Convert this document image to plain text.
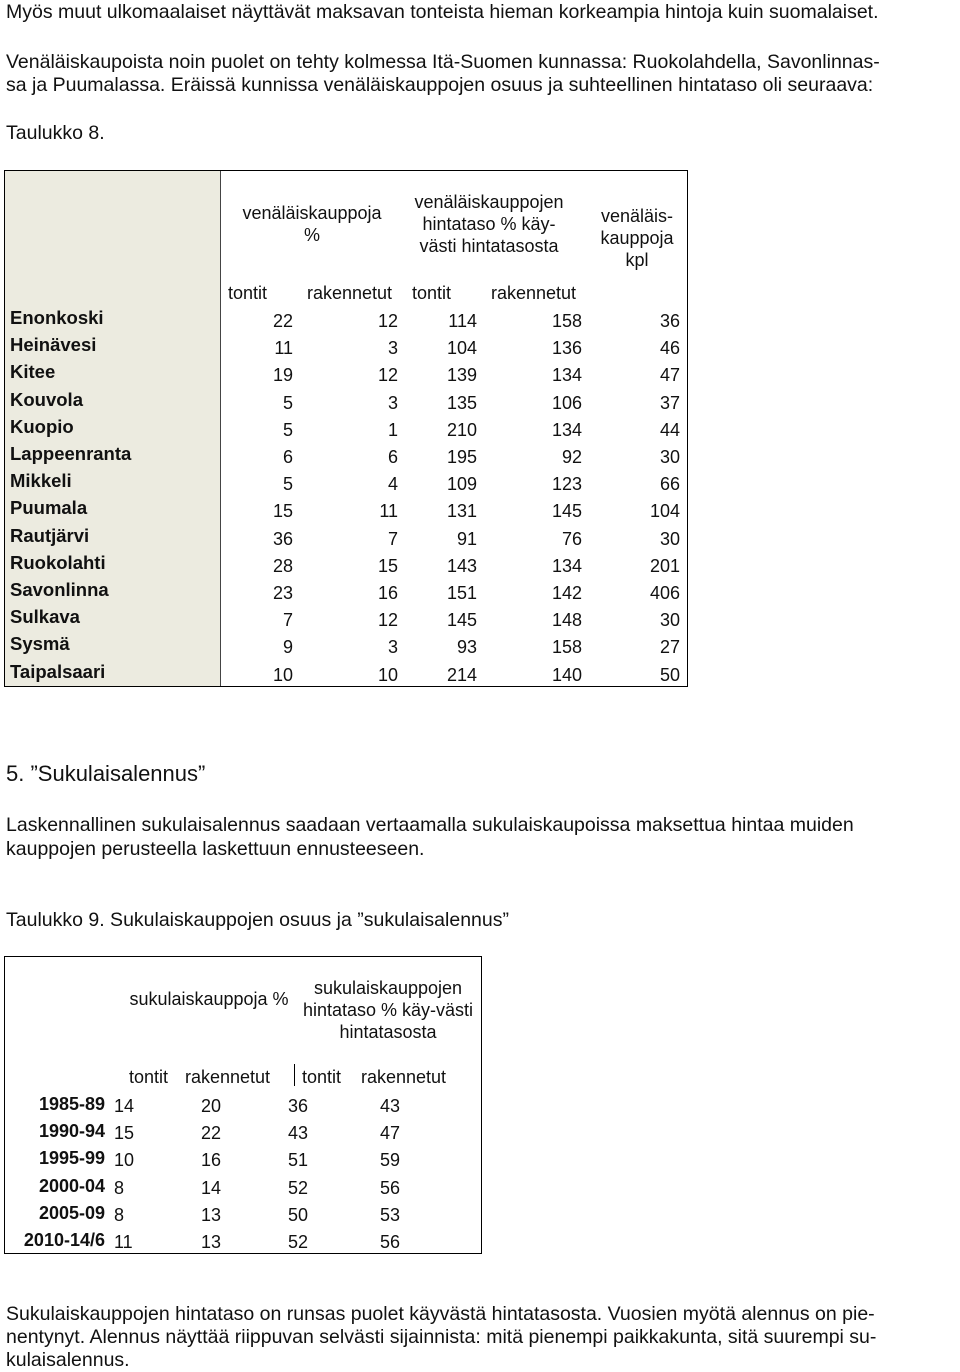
Myös muut ulkomaalaiset näyttävät maksavan tonteista hieman korkeampia hintoja kuin suomalaiset.
Venäläiskaupoista noin puolet on tehty kolmessa Itä-Suomen kunnassa: Ruokolahdella, Savonlinnas-
sa ja Puumalassa. Eräissä kunnissa venäläiskauppojen osuus ja suhteellinen hintataso oli seuraava:
Taulukko 8.
venäläiskauppoja %
venäläiskauppojen hintataso % käy-västi hintatasosta
venäläis-kauppoja kpl
tontit rakennetut tontit rakennetut
Enonkoski	22	12	114	158	36
Heinävesi	11	3	104	136	46
Kitee	19	12	139	134	47
Kouvola	5	3	135	106	37
Kuopio	5	1	210	134	44
Lappeenranta	6	6	195	92	30
Mikkeli	5	4	109	123	66
Puumala	15	11	131	145	104
Rautjärvi	36	7	91	76	30
Ruokolahti	28	15	143	134	201
Savonlinna	23	16	151	142	406
Sulkava	7	12	145	148	30
Sysmä	9	3	93	158	27
Taipalsaari	10	10	214	140	50
5. ”Sukulaisalennus”
Laskennallinen sukulaisalennus saadaan vertaamalla sukulaiskaupoissa maksettua hintaa muiden
kauppojen perusteella laskettuun ennusteeseen.
Taulukko 9. Sukulaiskauppojen osuus ja ”sukulaisalennus”
sukulaiskauppoja %
sukulaiskauppojen hintataso % käy-västi hintatasosta
tontit rakennetut tontit rakennetut
1985-89 14	20	36	43
1990-94 15	22	43	47
1995-99 10	16	51	59
2000-04 8	14	52	56
2005-09 8	13	50	53
2010-14/6 11	13	52	56
Sukulaiskauppojen hintataso on runsas puolet käyvästä hintatasosta. Vuosien myötä alennus on pie-
nentynyt. Alennus näyttää riippuvan selvästi sijainnista: mitä pienempi paikkakunta, sitä suurempi su-
kulaisalennus.
